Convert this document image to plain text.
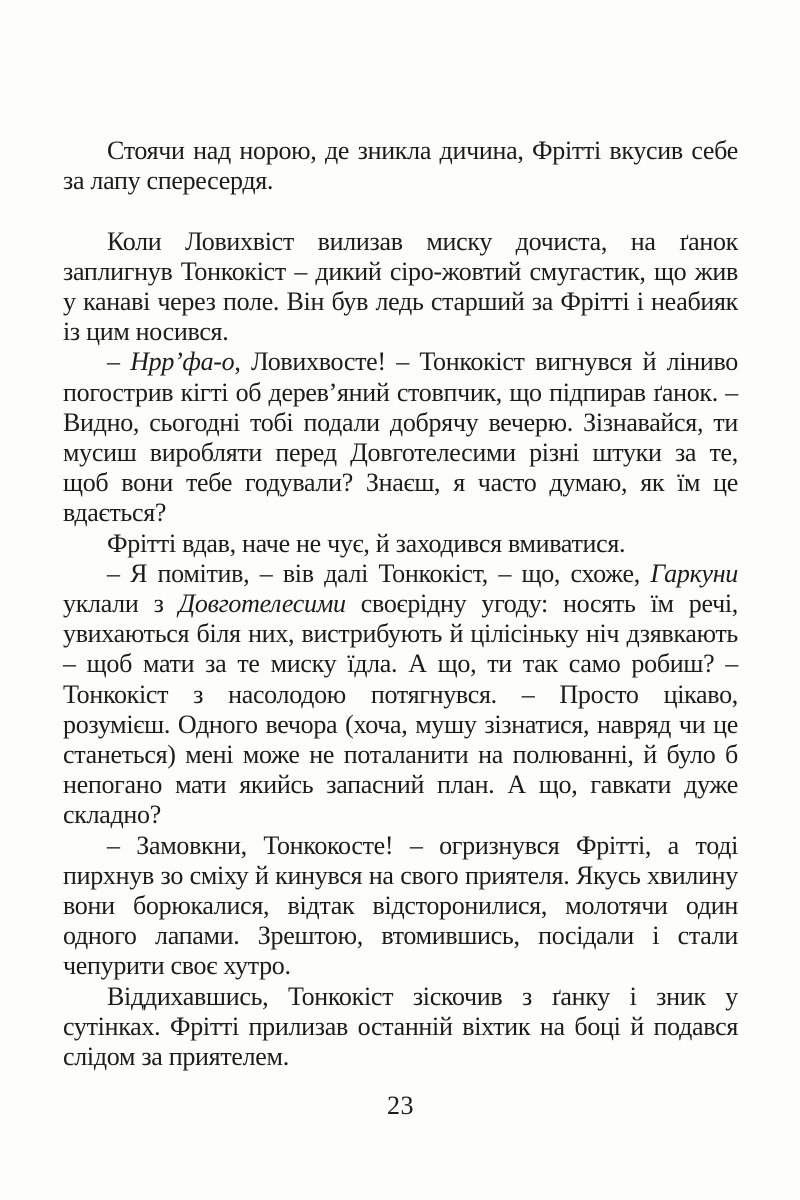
Стоячи над норою, де зникла дичина, Фрітті вкусив себе за лапу спересердя.

Коли Ловихвіст вилизав миску дочиста, на ґанок заплигнув Тонкокіст – дикий сіро-жовтий смугастик, що жив у канаві через поле. Він був ледь старший за Фрітті і неабияк із цим носився.

– Нрр’фа-о, Ловихвосте! – Тонкокіст вигнувся й ліниво погострив кігті об дерев’яний стовпчик, що підпирав ґанок. – Видно, сьогодні тобі подали добрячу вечерю. Зізнавайся, ти мусиш виробляти перед Довготелесими різні штуки за те, щоб вони тебе годували? Знаєш, я часто думаю, як їм це вдається?

Фрітті вдав, наче не чує, й заходився вмиватися.

– Я помітив, – вів далі Тонкокіст, – що, схоже, Гаркуни уклали з Довготелесими своєрідну угоду: носять їм речі, увихаються біля них, вистрибують й цілісіньку ніч дзявкають – щоб мати за те миску їдла. А що, ти так само робиш? – Тонкокіст з насолодою потягнувся. – Просто цікаво, розумієш. Одного вечора (хоча, мушу зізнатися, навряд чи це станеться) мені може не поталанити на полюванні, й було б непогано мати якийсь запасний план. А що, гавкати дуже складно?

– Замовкни, Тонкокосте! – огризнувся Фрітті, а тоді пирхнув зо сміху й кинувся на свого приятеля. Якусь хвилину вони борюкалися, відтак відсторонилися, молотячи один одного лапами. Зрештою, втомившись, посідали і стали чепурити своє хутро.

Віддихавшись, Тонкокіст зіскочив з ґанку і зник у сутінках. Фрітті прилизав останній віхтик на боці й подався слідом за приятелем.

23
